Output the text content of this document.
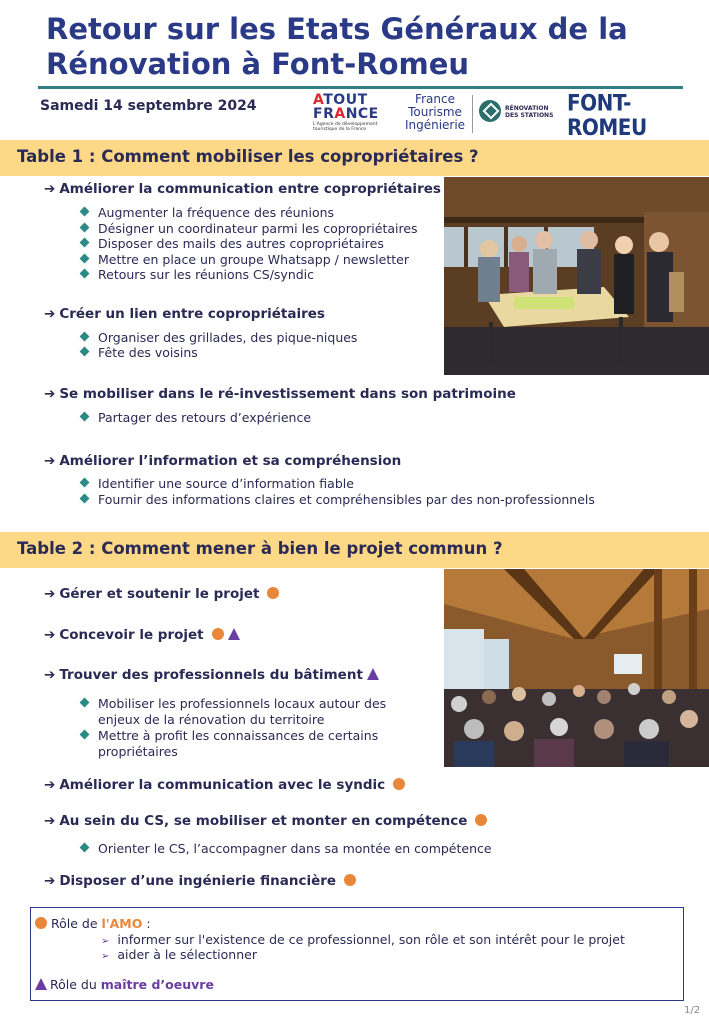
Retour sur les Etats Généraux de la Rénovation à Font-Romeu
Samedi 14 septembre 2024	ATOUT
FRANCE
L'Agence de développement touristique de la France
France
Tourisme
Ingénierie
RÉNOVATION
DES STATIONS FONT-ROMEU
Table 1 : Comment mobiliser les copropriétaires ?
➔ Améliorer la communication entre copropriétaires
Augmenter la fréquence des réunions
Désigner un coordinateur parmi les copropriétaires
Disposer des mails des autres copropriétaires
Mettre en place un groupe Whatsapp / newsletter
Retours sur les réunions CS/syndic
➔ Créer un lien entre copropriétaires
Organiser des grillades, des pique-niques
Fête des voisins
➔ Se mobiliser dans le ré-investissement dans son patrimoine
Partager des retours d’expérience
➔ Améliorer l’information et sa compréhension
Identifier une source d’information fiable
Fournir des informations claires et compréhensibles par des non-professionnels
Table 2 : Comment mener à bien le projet commun ?
➔ Gérer et soutenir le projet
➔ Concevoir le projet
➔ Trouver des professionnels du bâtiment
Mobiliser les professionnels locaux autour des enjeux de la rénovation du territoire
Mettre à profit les connaissances de certains propriétaires
➔ Améliorer la communication avec le syndic
➔ Au sein du CS, se mobiliser et monter en compétence
Orienter le CS, l’accompagner dans sa montée en compétence
➔ Disposer d’une ingénierie financière
Rôle de l'AMO :
➢ informer sur l'existence de ce professionnel, son rôle et son intérêt pour le projet
➢ aider à le sélectionner
Rôle du maître d’oeuvre
1/2
